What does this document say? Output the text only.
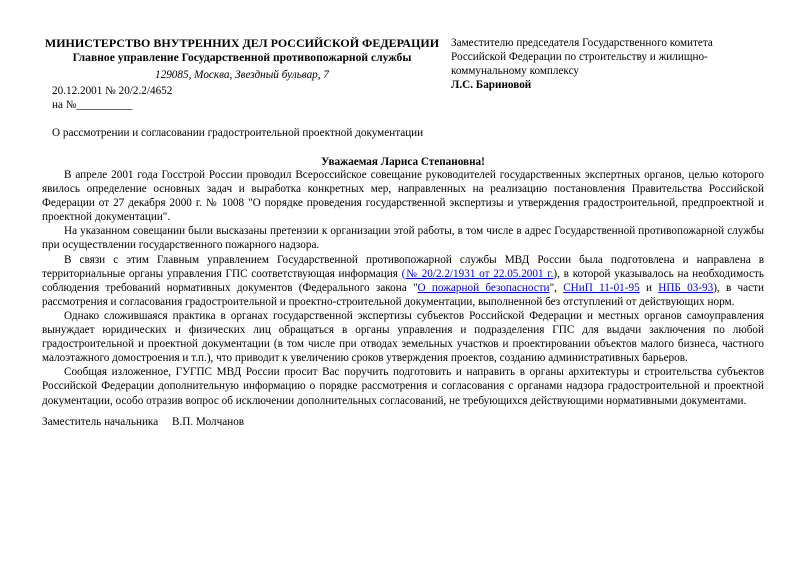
МИНИСТЕРСТВО ВНУТРЕННИХ ДЕЛ РОССИЙСКОЙ ФЕДЕРАЦИИ
Главное управление Государственной противопожарной службы
129085, Москва, Звездный бульвар, 7
20.12.2001 № 20/2.2/4652
на №__________
Заместителю председателя Государственного комитета
Российской Федерации по строительству и жилищно-
коммунальному комплексу
Л.С. Бариновой
О рассмотрении и согласовании градостроительной проектной документации
Уважаемая Лариса Степановна!

В апреле 2001 года Госстрой России проводил Всероссийское совещание руководителей государственных экспертных органов, целью которого явилось определение основных задач и выработка конкретных мер, направленных на реализацию постановления Правительства Российской Федерации от 27 декабря 2000 г. № 1008 "О порядке проведения государственной экспертизы и утверждения градостроительной, предпроектной и проектной документации".

На указанном совещании были высказаны претензии к организации этой работы, в том числе в адрес Государственной противопожарной службы при осуществлении государственного пожарного надзора.

В связи с этим Главным управлением Государственной противопожарной службы МВД России была подготовлена и направлена в территориальные органы управления ГПС соответствующая информация (№ 20/2.2/1931 от 22.05.2001 г.), в которой указывалось на необходимость соблюдения требований нормативных документов (Федерального закона "О пожарной безопасности", СНиП 11-01-95 и НПБ 03-93), в части рассмотрения и согласования градостроительной и проектно-строительной документации, выполненной без отступлений от действующих норм.

Однако сложившаяся практика в органах государственной экспертизы субъектов Российской Федерации и местных органов самоуправления вынуждает юридических и физических лиц обращаться в органы управления и подразделения ГПС для выдачи заключения по любой градостроительной и проектной документации (в том числе при отводах земельных участков и проектировании объектов малого бизнеса, частного малоэтажного домостроения и т.п.), что приводит к увеличению сроков утверждения проектов, созданию административных барьеров.

Сообщая изложенное, ГУГПС МВД России просит Вас поручить подготовить и направить в органы архитектуры и строительства субъектов Российской Федерации дополнительную информацию о порядке рассмотрения и согласования с органами надзора градостроительной и проектной документации, особо отразив вопрос об исключении дополнительных согласований, не требующихся действующими нормативными документами.

Заместитель начальника В.П. Молчанов
